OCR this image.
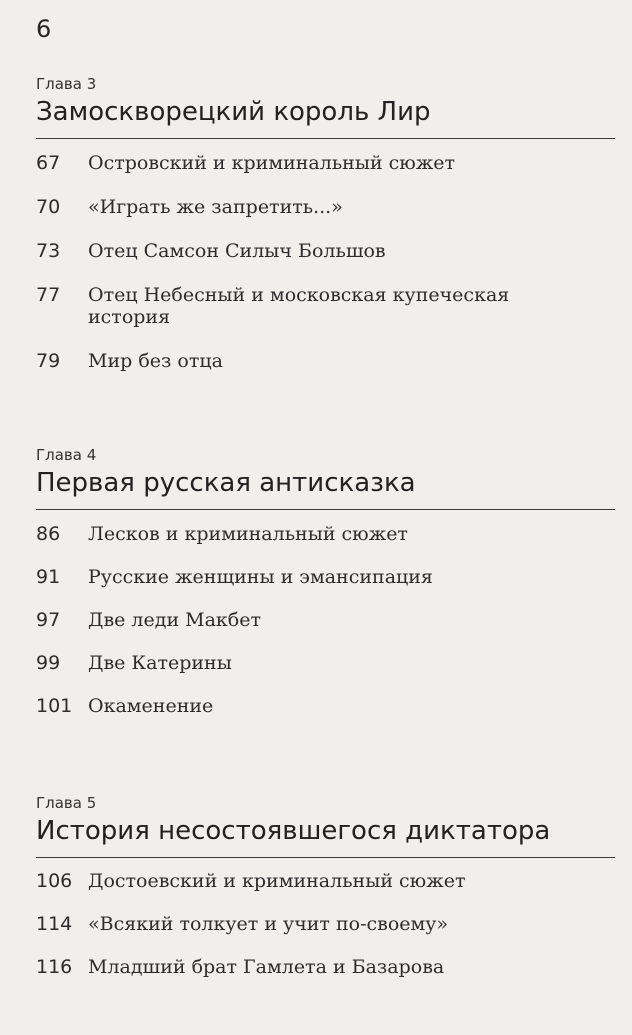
6

Глава 3

Замоскворецкий король Лир
67	Островский и криминальный сюжет
70	«Играть же запретить...»
73	Отец Самсон Силыч Большов
77	Отец Небесный и московская купеческая история
79	Мир без отца

Глава 4

Первая русская антисказка
86	Лесков и криминальный сюжет
91	Русские женщины и эмансипация
97	Две леди Макбет
99	Две Катерины
101 Окаменение

Глава 5

История несостоявшегося диктатора
106 Достоевский и криминальный сюжет
114 «Всякий толкует и учит по-своему»
116 Младший брат Гамлета и Базарова
